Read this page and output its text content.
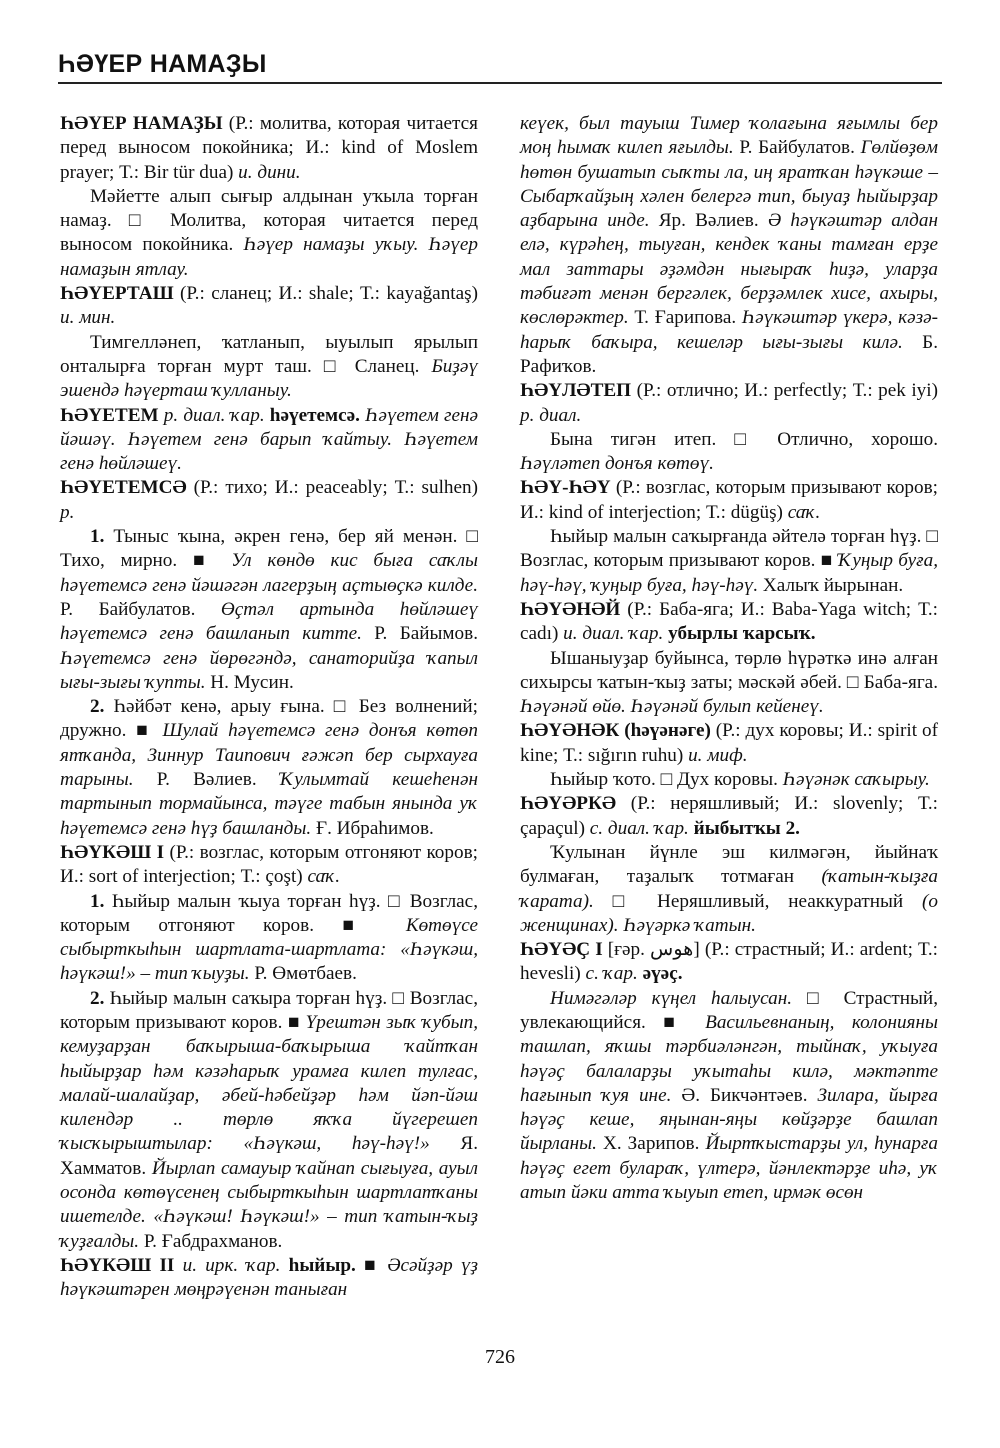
ҺӘҮЕР НАМАҘЫ

ҺӘҮЕР НАМАҘЫ (Р.: молитва, которая читается перед выносом покойника; И.: kind of Moslem prayer; Т.: Bir tür dua) и. дини.

Мәйетте алып сығыр алдынан уҡыла торған намаҙ. □ Молитва, которая читается перед выносом покойника. Һәүер намаҙы уҡыу. Һәүер намаҙын ятлау.

ҺӘҮЕРТАШ (Р.: сланец; И.: shale; Т.: kayağantaş) и. мин.

Тимгелләнеп, ҡатланып, ыуылып ярылып онталырға торған мурт таш. □ Сланец. Биҙәү эшендә һәүерташ ҡулланыу.

ҺӘҮЕТЕМ р. диал. ҡар. һәүетемсә. Һәүетем генә йәшәү. Һәүетем генә барып ҡайтыу. Һәүетем генә һөйләшеү.

ҺӘҮЕТЕМСӘ (Р.: тихо; И.: peaceably; Т.: sulhen) р.

1. Тыныс ҡына, әкрен генә, бер яй менән. □ Тихо, мирно. ■ Ул көндө кис быға саҡлы һәүетемсә генә йәшәгән лагерҙың аҫтыөҫкә килде. Р. Байбулатов. Өҫтәл артында һөйләшеү һәүетемсә генә башланып китте. Р. Байымов. Һәүетемсә генә йөрөгәндә, санаторийҙа ҡапыл ығы-зығы ҡупты. Н. Мусин.

2. Һәйбәт кенә, арыу ғына. □ Без волнений; дружно. ■ Шулай һәүетемсә генә донъя көтөп ятҡанда, Зиннур Таипович ғәжәп бер сырхауға тарыны. Р. Вәлиев. Ҡулымтай кешеһенән тартынып тормайынса, тәүге табын янында уҡ һәүетемсә генә һүҙ башланды. Ғ. Ибраһимов.

ҺӘҮКӘШ I (Р.: возглас, которым отгоняют коров; И.: sort of interjection; Т.: çoşt) саҡ.

1. Һыйыр малын ҡыуа торған һүҙ. □ Возглас, которым отгоняют коров. ■ Көтөүсе сыбырткыһын шартлата-шартлата: «Һәүкәш, һәүкәш!» – тип ҡыуҙы. Р. Өмөтбаев.

2. Һыйыр малын саҡыра торған һүҙ. □ Возглас, которым призывают коров. ■ Үрештән зыҡ ҡубып, кемуҙарҙан баҡырыша-баҡырыша ҡайтҡан һыйырҙар һәм кәзәһарыҡ урамға килеп тулғас, малай-шалайҙар, әбей-һәбейҙәр һәм йәп-йәш килендәр .. төрлө яҡҡа йүгерешеп ҡысҡырыштылар: «Һәүкәш, һәү-һәү!» Я. Хамматов. Йырлап самауыр ҡайнап сығыуға, ауыл осонда көтөүсенең сыбырткыһын шартлатҡаны ишетелде. «Һәүкәш! Һәүкәш!» – тип ҡатын-ҡыҙ ҡуҙғалды. Р. Ғабдрахманов.

ҺӘҮКӘШ II и. ирк. ҡар. һыйыр. ■ Әсәйҙәр үҙ һәүкәштәрен мөңрәүенән таныған

кеүек, был тауыш Тимер ҡолағына яғымлы бер моң һымаҡ килеп яғылды. Р. Байбулатов. Гөлйөҙөм һөтөн бушатып сыҡты ла, иң яратҡан һәүкәше – Сыбарҡайҙың хәлен белергә тип, быуаҙ һыйырҙар аҙбарына инде. Яр. Вәлиев. Ә һәүкәштәр алдан елә, күрәһең, тыуған, кендек ҡаны тамған ерҙе мал заттары әҙәмдән нығыраҡ һиҙә, уларҙа тәбиғәт менән бергәлек, берҙәмлек хисе, ахыры, көслөрәктер. Т. Ғарипова. Һәүкәштәр үкерә, кәзә-һарыҡ баҡыра, кешеләр ығы-зығы килә. Б. Рафиҡов.

ҺӘҮЛӘТЕП (Р.: отлично; И.: perfectly; Т.: pek iyi) р. диал.

Бына тигән итеп. □ Отлично, хорошо. Һәүләтеп донъя көтөү.

ҺӘҮ-ҺӘҮ (Р.: возглас, которым призывают коров; И.: kind of interjection; Т.: dügüş) саҡ.

Һыйыр малын саҡырғанда әйтелә торған һүҙ. □ Возглас, которым призывают коров. ■ Ҡуңыр буға, һәү-һәү, ҡуңыр буға, һәү-һәү. Халыҡ йырынан.

ҺӘҮӘНӘЙ (Р.: Баба-яга; И.: Baba-Yaga witch; Т.: cadı) и. диал. ҡар. убырлы ҡарсыҡ.

Ышаныуҙар буйынса, төрлө һүрәткә инә алған сихырсы ҡатын-ҡыҙ заты; мәскәй әбей. □ Баба-яга. Һәүәнәй өйө. Һәүәнәй булып кейенеү.

ҺӘҮӘНӘК (һәүәнәге) (Р.: дух коровы; И.: spirit of kine; Т.: sığırın ruhu) и. миф.

Һыйыр ҡото. □ Дух коровы. Һәүәнәк саҡырыу.

ҺӘҮӘРКӘ (Р.: неряшливый; И.: slovenly; Т.: çapaçul) с. диал. ҡар. йыбытҡы 2.

Ҡулынан йүнле эш килмәгән, йыйнаҡ булмаған, таҙалыҡ тотмаған (ҡатын-ҡыҙға ҡарата). □ Неряшливый, неаккуратный (о женщинах). Һәүәркә ҡатын.

ҺӘҮӘҪ I [ғәр. هوس] (Р.: страстный; И.: ardent; Т.: hevesli) с. ҡар. әүәҫ.

Нимәгәләр күңел һалыусан. □ Страстный, увлекающийся. ■ Васильевнаның, колонияны ташлап, яҡшы тәрбиәләнгән, тыйнаҡ, уҡыуға һәүәҫ балаларҙы уҡытаһы килә, мәктәпте һағынып ҡуя ине. Ә. Бикчәнтәев. Зилара, йырға һәүәҫ кеше, яңынан-яңы көйҙәрҙе башлап йырланы. Х. Зарипов. Йыртҡыстарҙы ул, һунарға һәүәҫ егет булараҡ, үлтерә, йәнлектәрҙе иһә, уҡ атып йәки атта ҡыуып етеп, ирмәк өсөн

726
